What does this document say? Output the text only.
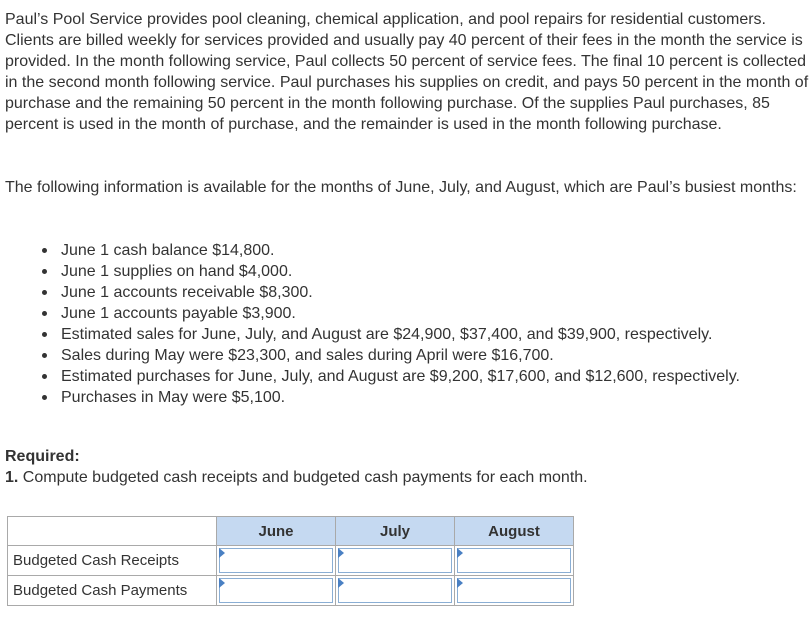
Paul’s Pool Service provides pool cleaning, chemical application, and pool repairs for residential customers. Clients are billed weekly for services provided and usually pay 40 percent of their fees in the month the service is provided. In the month following service, Paul collects 50 percent of service fees. The final 10 percent is collected in the second month following service. Paul purchases his supplies on credit, and pays 50 percent in the month of purchase and the remaining 50 percent in the month following purchase. Of the supplies Paul purchases, 85 percent is used in the month of purchase, and the remainder is used in the month following purchase.

The following information is available for the months of June, July, and August, which are Paul’s busiest months:

June 1 cash balance $14,800.
June 1 supplies on hand $4,000.
June 1 accounts receivable $8,300.
June 1 accounts payable $3,900.
Estimated sales for June, July, and August are $24,900, $37,400, and $39,900, respectively.
Sales during May were $23,300, and sales during April were $16,700.
Estimated purchases for June, July, and August are $9,200, $17,600, and $12,600, respectively.
Purchases in May were $5,100.
Required:
1. Compute budgeted cash receipts and budgeted cash payments for each month.
	June	July	August
Budgeted Cash Receipts	

Budgeted Cash Payments	
